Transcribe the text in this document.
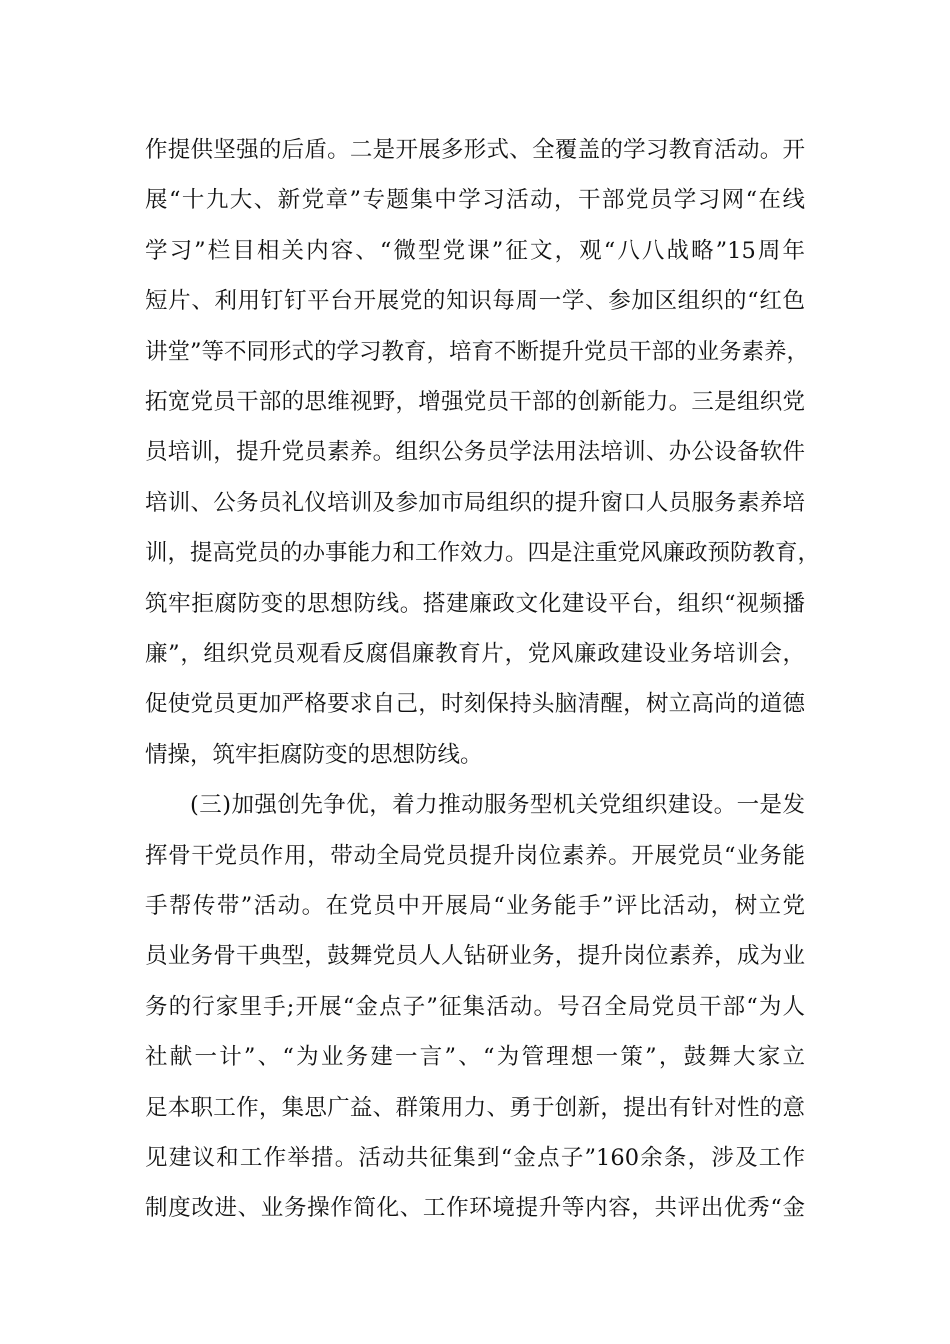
作提供坚强的后盾。二是开展多形式、全覆盖的学习教育活动。开
展“十九大、新党章”专题集中学习活动，干部党员学习网“在线
学习”栏目相关内容、“微型党课”征文，观“八八战略”15周年
短片、利用钉钉平台开展党的知识每周一学、参加区组织的“红色
讲堂”等不同形式的学习教育，培育不断提升党员干部的业务素养，
拓宽党员干部的思维视野，增强党员干部的创新能力。三是组织党
员培训，提升党员素养。组织公务员学法用法培训、办公设备软件
培训、公务员礼仪培训及参加市局组织的提升窗口人员服务素养培
训，提高党员的办事能力和工作效力。四是注重党风廉政预防教育，
筑牢拒腐防变的思想防线。搭建廉政文化建设平台，组织“视频播
廉”，组织党员观看反腐倡廉教育片，党风廉政建设业务培训会，
促使党员更加严格要求自己，时刻保持头脑清醒，树立高尚的道德
情操，筑牢拒腐防变的思想防线。
(三)加强创先争优，着力推动服务型机关党组织建设。一是发
挥骨干党员作用，带动全局党员提升岗位素养。开展党员“业务能
手帮传带”活动。在党员中开展局“业务能手”评比活动，树立党
员业务骨干典型，鼓舞党员人人钻研业务，提升岗位素养，成为业
务的行家里手;开展“金点子”征集活动。号召全局党员干部“为人
社献一计”、“为业务建一言”、“为管理想一策”，鼓舞大家立
足本职工作，集思广益、群策用力、勇于创新，提出有针对性的意
见建议和工作举措。活动共征集到“金点子”160余条，涉及工作
制度改进、业务操作简化、工作环境提升等内容，共评出优秀“金
